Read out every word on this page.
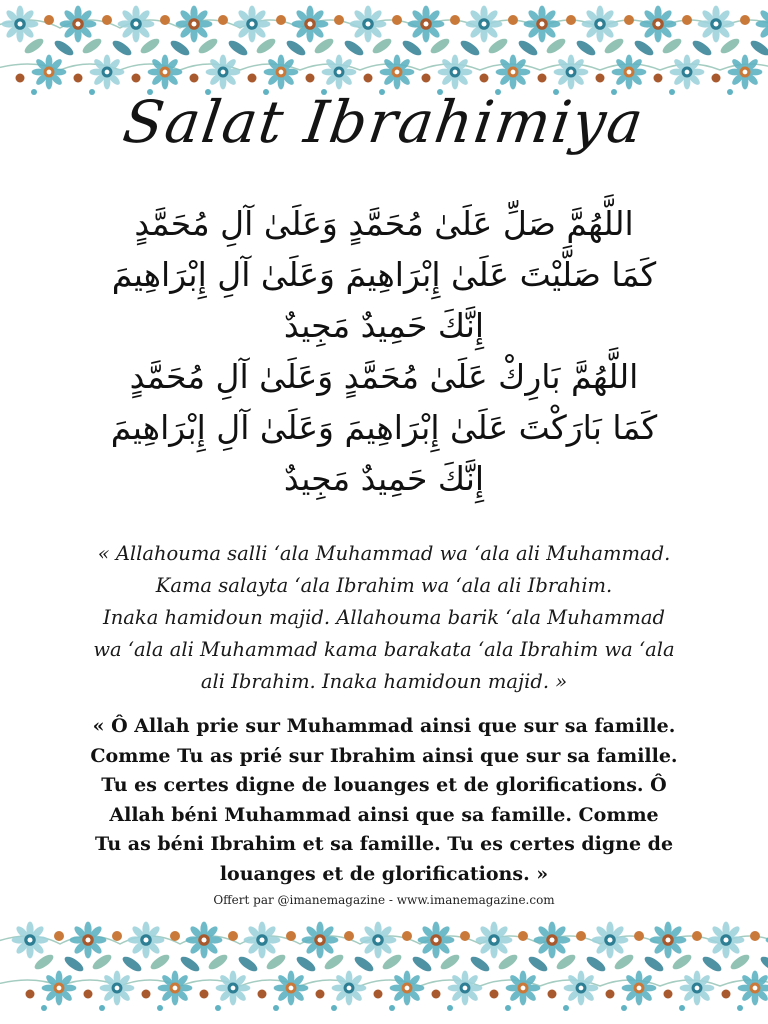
Salat Ibrahimiya
اللَّهُمَّ صَلِّ عَلَىٰ مُحَمَّدٍ وَعَلَىٰ آلِ مُحَمَّدٍ
كَمَا صَلَّيْتَ عَلَىٰ إِبْرَاهِيمَ وَعَلَىٰ آلِ إِبْرَاهِيمَ
إِنَّكَ حَمِيدٌ مَجِيدٌ
اللَّهُمَّ بَارِكْ عَلَىٰ مُحَمَّدٍ وَعَلَىٰ آلِ مُحَمَّدٍ
كَمَا بَارَكْتَ عَلَىٰ إِبْرَاهِيمَ وَعَلَىٰ آلِ إِبْرَاهِيمَ
إِنَّكَ حَمِيدٌ مَجِيدٌ
« Allahouma salli ‘ala Muhammad wa ‘ala ali Muhammad.
Kama salayta ‘ala Ibrahim wa ‘ala ali Ibrahim.
Inaka hamidoun majid. Allahouma barik ‘ala Muhammad
wa ‘ala ali Muhammad kama barakata ‘ala Ibrahim wa ‘ala
ali Ibrahim. Inaka hamidoun majid. »
« Ô Allah prie sur Muhammad ainsi que sur sa famille.
Comme Tu as prié sur Ibrahim ainsi que sur sa famille.
Tu es certes digne de louanges et de glorifications. Ô
Allah béni Muhammad ainsi que sa famille. Comme
Tu as béni Ibrahim et sa famille. Tu es certes digne de
louanges et de glorifications. »
Offert par @imanemagazine - www.imanemagazine.com
